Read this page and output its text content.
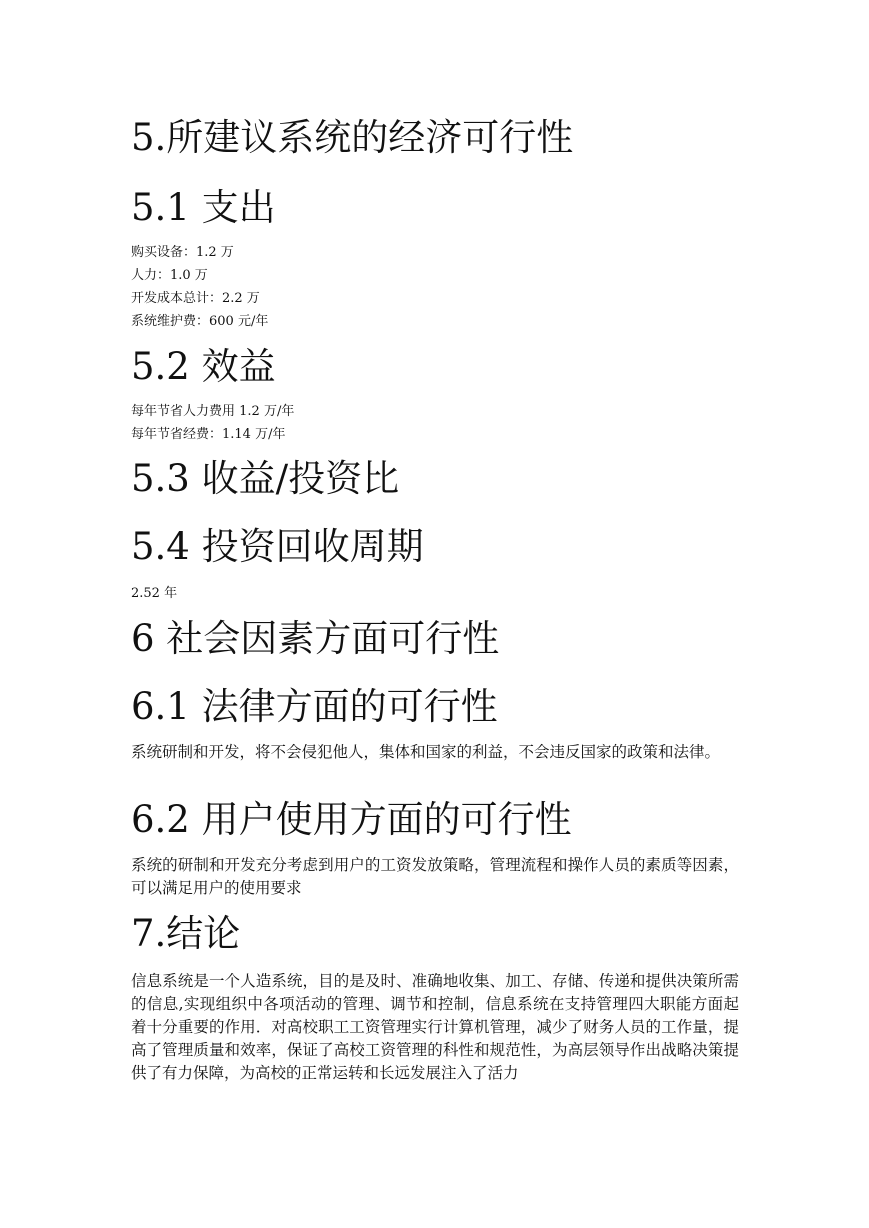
5.所建议系统的经济可行性
5.1 支出

购买设备：1.2 万

人力：1.0 万

开发成本总计：2.2 万

系统维护费：600 元/年

5.2 效益

每年节省人力费用 1.2 万/年

每年节省经费：1.14 万/年

5.3 收益/投资比
5.4 投资回收周期

2.52 年

6 社会因素方面可行性
6.1 法律方面的可行性

系统研制和开发，将不会侵犯他人，集体和国家的利益，不会违反国家的政策和法律。

6.2 用户使用方面的可行性

系统的研制和开发充分考虑到用户的工资发放策略，管理流程和操作人员的素质等因素，可以满足用户的使用要求

7.结论

信息系统是一个人造系统，目的是及时、准确地收集、加工、存储、传递和提供决策所需的信息,实现组织中各项活动的管理、调节和控制，信息系统在支持管理四大职能方面起着十分重要的作用．对高校职工工资管理实行计算机管理，减少了财务人员的工作量，提高了管理质量和效率，保证了高校工资管理的科性和规范性，为高层领导作出战略决策提供了有力保障，为高校的正常运转和长远发展注入了活力
